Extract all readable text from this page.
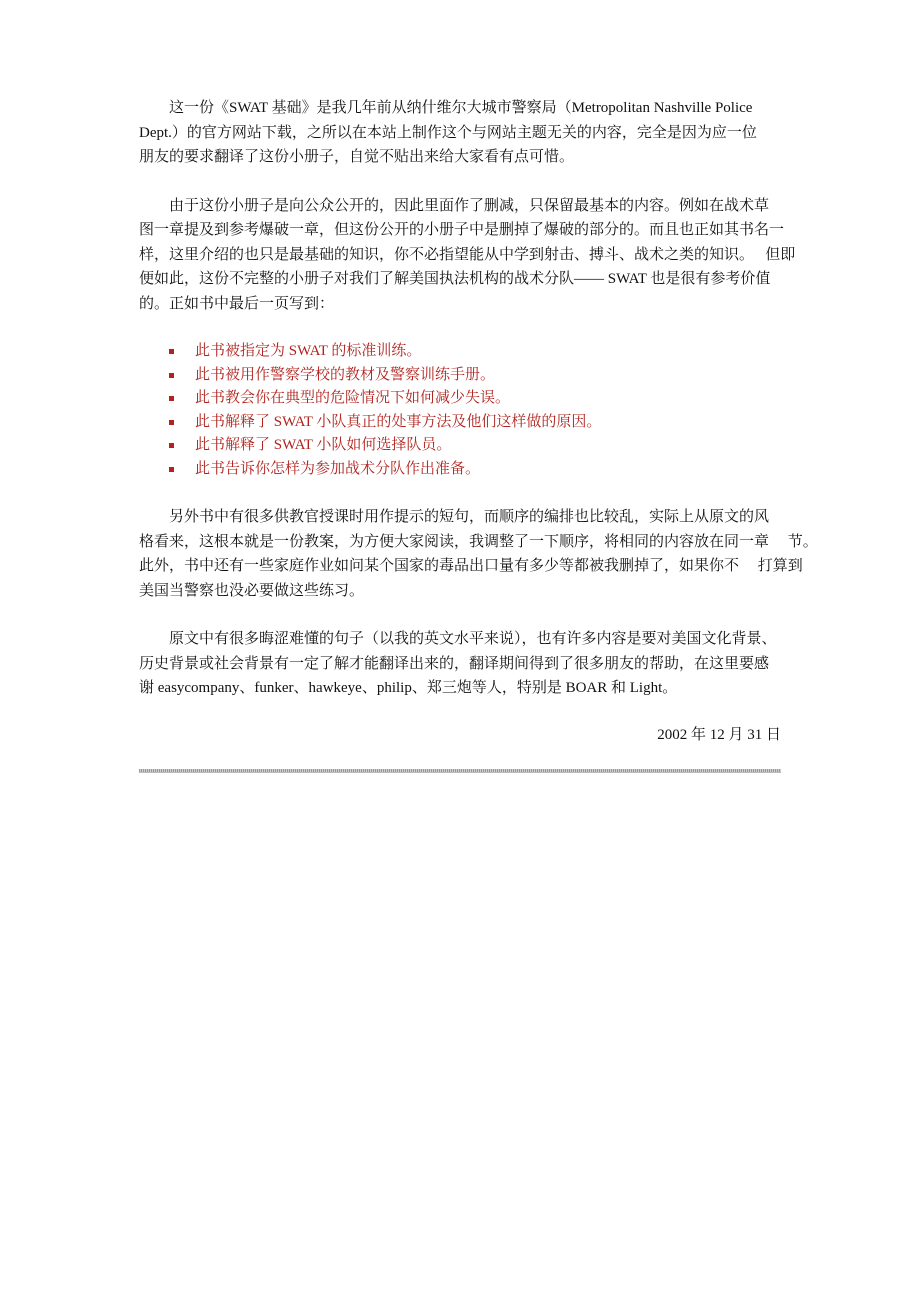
这一份《SWAT 基础》是我几年前从纳什维尔大城市警察局（Metropolitan Nashville Police
Dept.）的官方网站下载，之所以在本站上制作这个与网站主题无关的内容，完全是因为应一位
朋友的要求翻译了这份小册子，自觉不贴出来给大家看有点可惜。
由于这份小册子是向公众公开的，因此里面作了删减，只保留最基本的内容。例如在战术草
图一章提及到参考爆破一章，但这份公开的小册子中是删掉了爆破的部分的。而且也正如其书名一
样，这里介绍的也只是最基础的知识，你不必指望能从中学到射击、搏斗、战术之类的知识。　 但即
便如此，这份不完整的小册子对我们了解美国执法机构的战术分队—— SWAT 也是很有参考价值
的。正如书中最后一页写到：
此书被指定为 SWAT 的标准训练。
此书被用作警察学校的教材及警察训练手册。
此书教会你在典型的危险情况下如何减少失误。
此书解释了 SWAT 小队真正的处事方法及他们这样做的原因。
此书解释了 SWAT 小队如何选择队员。
此书告诉你怎样为参加战术分队作出准备。
另外书中有很多供教官授课时用作提示的短句，而顺序的编排也比较乱，实际上从原文的风
格看来，这根本就是一份教案，为方便大家阅读，我调整了一下顺序，将相同的内容放在同一章　 节。
此外，书中还有一些家庭作业如问某个国家的毒品出口量有多少等都被我删掉了，如果你不　 打算到
美国当警察也没必要做这些练习。
原文中有很多晦涩难懂的句子（以我的英文水平来说），也有许多内容是要对美国文化背景、
历史背景或社会背景有一定了解才能翻译出来的，翻译期间得到了很多朋友的帮助，在这里要感
谢 easycompany、funker、hawkeye、philip、郑三炮等人，特别是 BOAR 和 Light。
2002 年 12 月 31 日
